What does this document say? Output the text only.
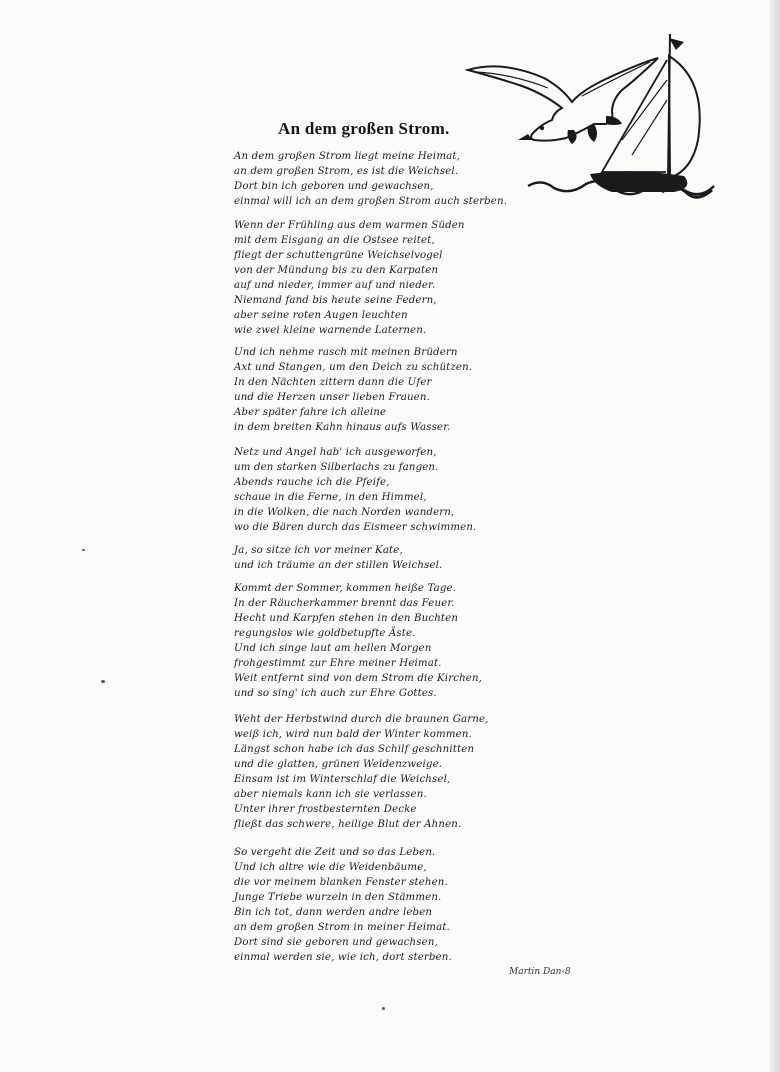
An dem großen Strom.
An dem großen Strom liegt meine Heimat,
an dem großen Strom, es ist die Weichsel.
Dort bin ich geboren und gewachsen,
einmal will ich an dem großen Strom auch sterben.
Wenn der Frühling aus dem warmen Süden
mit dem Eisgang an die Ostsee reitet,
fliegt der schuttengrüne Weichselvogel
von der Mündung bis zu den Karpaten
auf und nieder, immer auf und nieder.
Niemand fand bis heute seine Federn,
aber seine roten Augen leuchten
wie zwei kleine warnende Laternen.
Und ich nehme rasch mit meinen Brüdern
Axt und Stangen, um den Deich zu schützen.
In den Nächten zittern dann die Ufer
und die Herzen unser lieben Frauen.
Aber später fahre ich alleine
in dem breiten Kahn hinaus aufs Wasser.
Netz und Angel hab' ich ausgeworfen,
um den starken Silberlachs zu fangen.
Abends rauche ich die Pfeife,
schaue in die Ferne, in den Himmel,
in die Wolken, die nach Norden wandern,
wo die Bären durch das Eismeer schwimmen.
Ja, so sitze ich vor meiner Kate,
und ich träume an der stillen Weichsel.
Kommt der Sommer, kommen heiße Tage.
In der Räucherkammer brennt das Feuer.
Hecht und Karpfen stehen in den Buchten
regungslos wie goldbetupfte Äste.
Und ich singe laut am hellen Morgen
frohgestimmt zur Ehre meiner Heimat.
Weit entfernt sind von dem Strom die Kirchen,
und so sing' ich auch zur Ehre Gottes.
Weht der Herbstwind durch die braunen Garne,
weiß ich, wird nun bald der Winter kommen.
Längst schon habe ich das Schilf geschnitten
und die glatten, grünen Weidenzweige.
Einsam ist im Winterschlaf die Weichsel,
aber niemals kann ich sie verlassen.
Unter ihrer frostbesternten Decke
fließt das schwere, heilige Blut der Ahnen.
So vergeht die Zeit und so das Leben.
Und ich altre wie die Weidenbäume,
die vor meinem blanken Fenster stehen.
Junge Triebe wurzeln in den Stämmen.
Bin ich tot, dann werden andre leben
an dem großen Strom in meiner Heimat.
Dort sind sie geboren und gewachsen,
einmal werden sie, wie ich, dort sterben.
Martin Dan‹8
